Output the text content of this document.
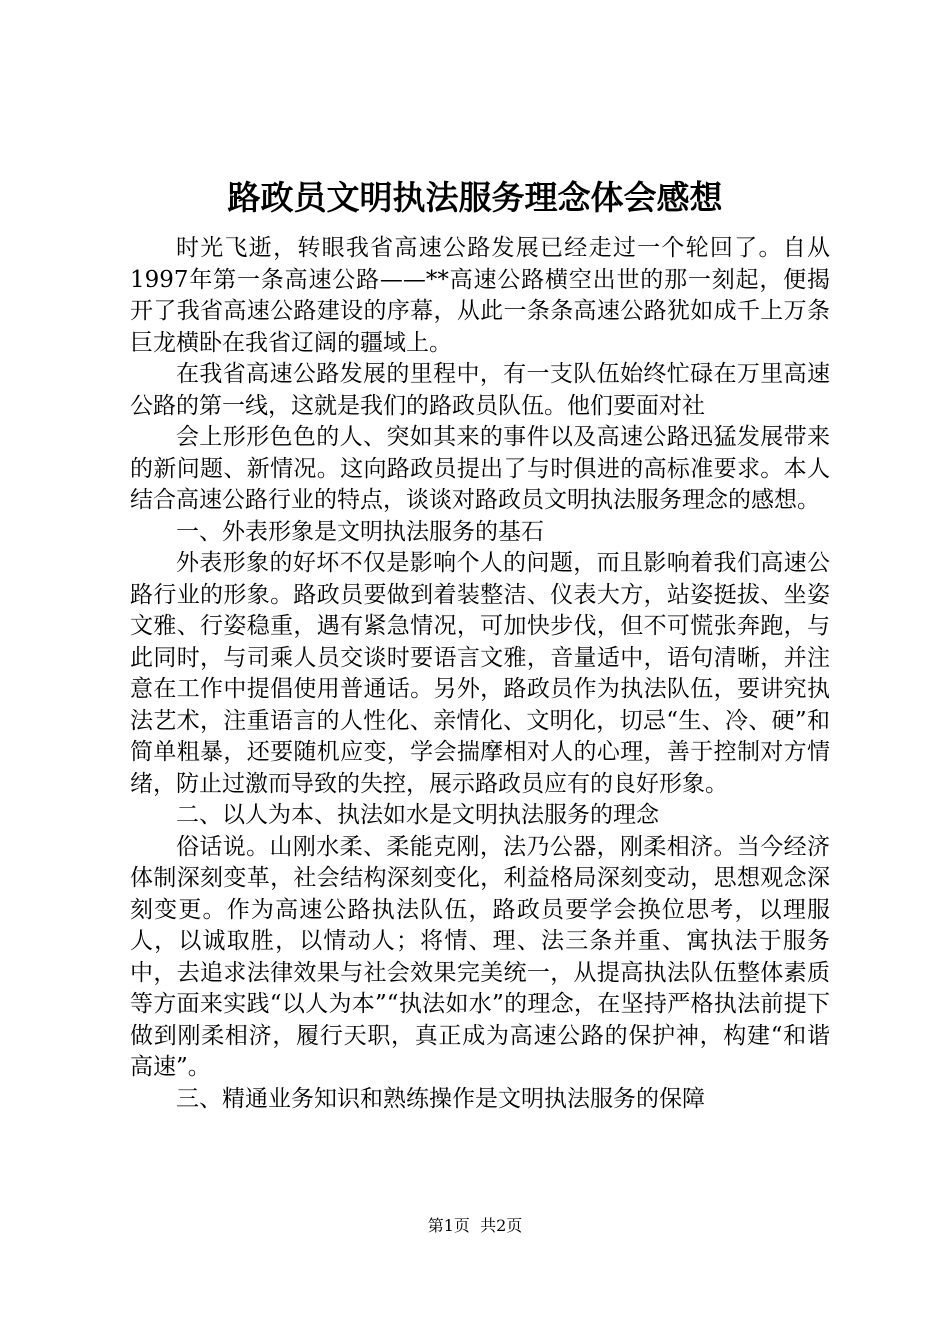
路政员文明执法服务理念体会感想

时光飞逝，转眼我省高速公路发展已经走过一个轮回了。自从1997年第一条高速公路——**高速公路横空出世的那一刻起，便揭开了我省高速公路建设的序幕，从此一条条高速公路犹如成千上万条巨龙横卧在我省辽阔的疆域上。

在我省高速公路发展的里程中，有一支队伍始终忙碌在万里高速公路的第一线，这就是我们的路政员队伍。他们要面对社

会上形形色色的人、突如其来的事件以及高速公路迅猛发展带来的新问题、新情况。这向路政员提出了与时俱进的高标准要求。本人结合高速公路行业的特点，谈谈对路政员文明执法服务理念的感想。

一、外表形象是文明执法服务的基石

外表形象的好坏不仅是影响个人的问题，而且影响着我们高速公路行业的形象。路政员要做到着装整洁、仪表大方，站姿挺拔、坐姿文雅、行姿稳重，遇有紧急情况，可加快步伐，但不可慌张奔跑，与此同时，与司乘人员交谈时要语言文雅，音量适中，语句清晰，并注意在工作中提倡使用普通话。另外，路政员作为执法队伍，要讲究执法艺术，注重语言的人性化、亲情化、文明化，切忌“生、冷、硬”和简单粗暴，还要随机应变，学会揣摩相对人的心理，善于控制对方情绪，防止过激而导致的失控，展示路政员应有的良好形象。

二、以人为本、执法如水是文明执法服务的理念

俗话说。山刚水柔、柔能克刚，法乃公器，刚柔相济。当今经济体制深刻变革，社会结构深刻变化，利益格局深刻变动，思想观念深刻变更。作为高速公路执法队伍，路政员要学会换位思考，以理服人，以诚取胜，以情动人；将情、理、法三条并重、寓执法于服务中，去追求法律效果与社会效果完美统一，从提高执法队伍整体素质等方面来实践“以人为本”“执法如水”的理念，在坚持严格执法前提下做到刚柔相济，履行天职，真正成为高速公路的保护神，构建“和谐高速”。

三、精通业务知识和熟练操作是文明执法服务的保障

第1页 共2页
